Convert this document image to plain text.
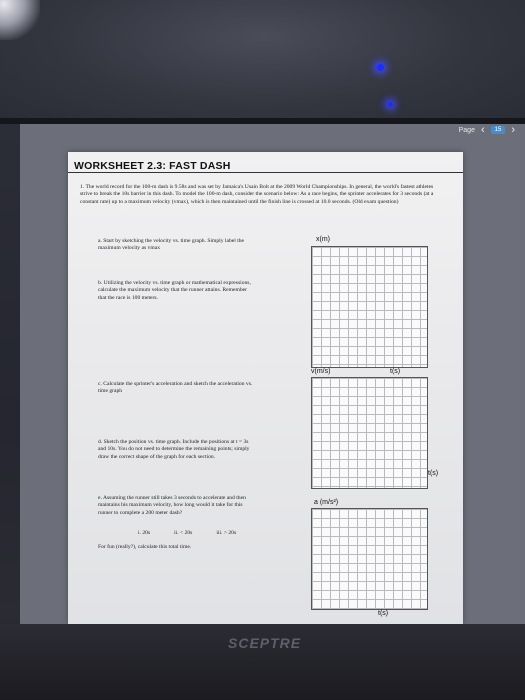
Page ‹	15 ›
WORKSHEET 2.3: FAST DASH
1. The world record for the 100-m dash is 9.58s and was set by Jamaica's Usain Bolt at the 2009 World Championships. In general, the world's fastest athletes strive to break the 10s barrier in this dash. To model the 100-m dash, consider the scenario below: As a race begins, the sprinter accelerates for 3 seconds (at a constant rate) up to a maximum velocity (vmax), which is then maintained until the finish line is crossed at 10.0 seconds. (Old exam question)
a. Start by sketching the velocity vs. time graph. Simply label the maximum velocity as vmax
b. Utilizing the velocity vs. time graph or mathematical expressions, calculate the maximum velocity that the runner attains. Remember that the race is 100 meters.
c. Calculate the sprinter's acceleration and sketch the acceleration vs. time graph
d. Sketch the position vs. time graph. Include the positions at t = 3s and 10s. You do not need to determine the remaining points; simply draw the correct shape of the graph for each section.
e. Assuming the runner still takes 3 seconds to accelerate and then maintains his maximum velocity, how long would it take for this runner to complete a 200 meter dash?
i. 20s	ii. < 20s	iii. > 20s
For fun (really?), calculate this total time.
x(m)
t(s)
v(m/s)
t(s)
a (m/s²)
t(s)
SCEPTRE
